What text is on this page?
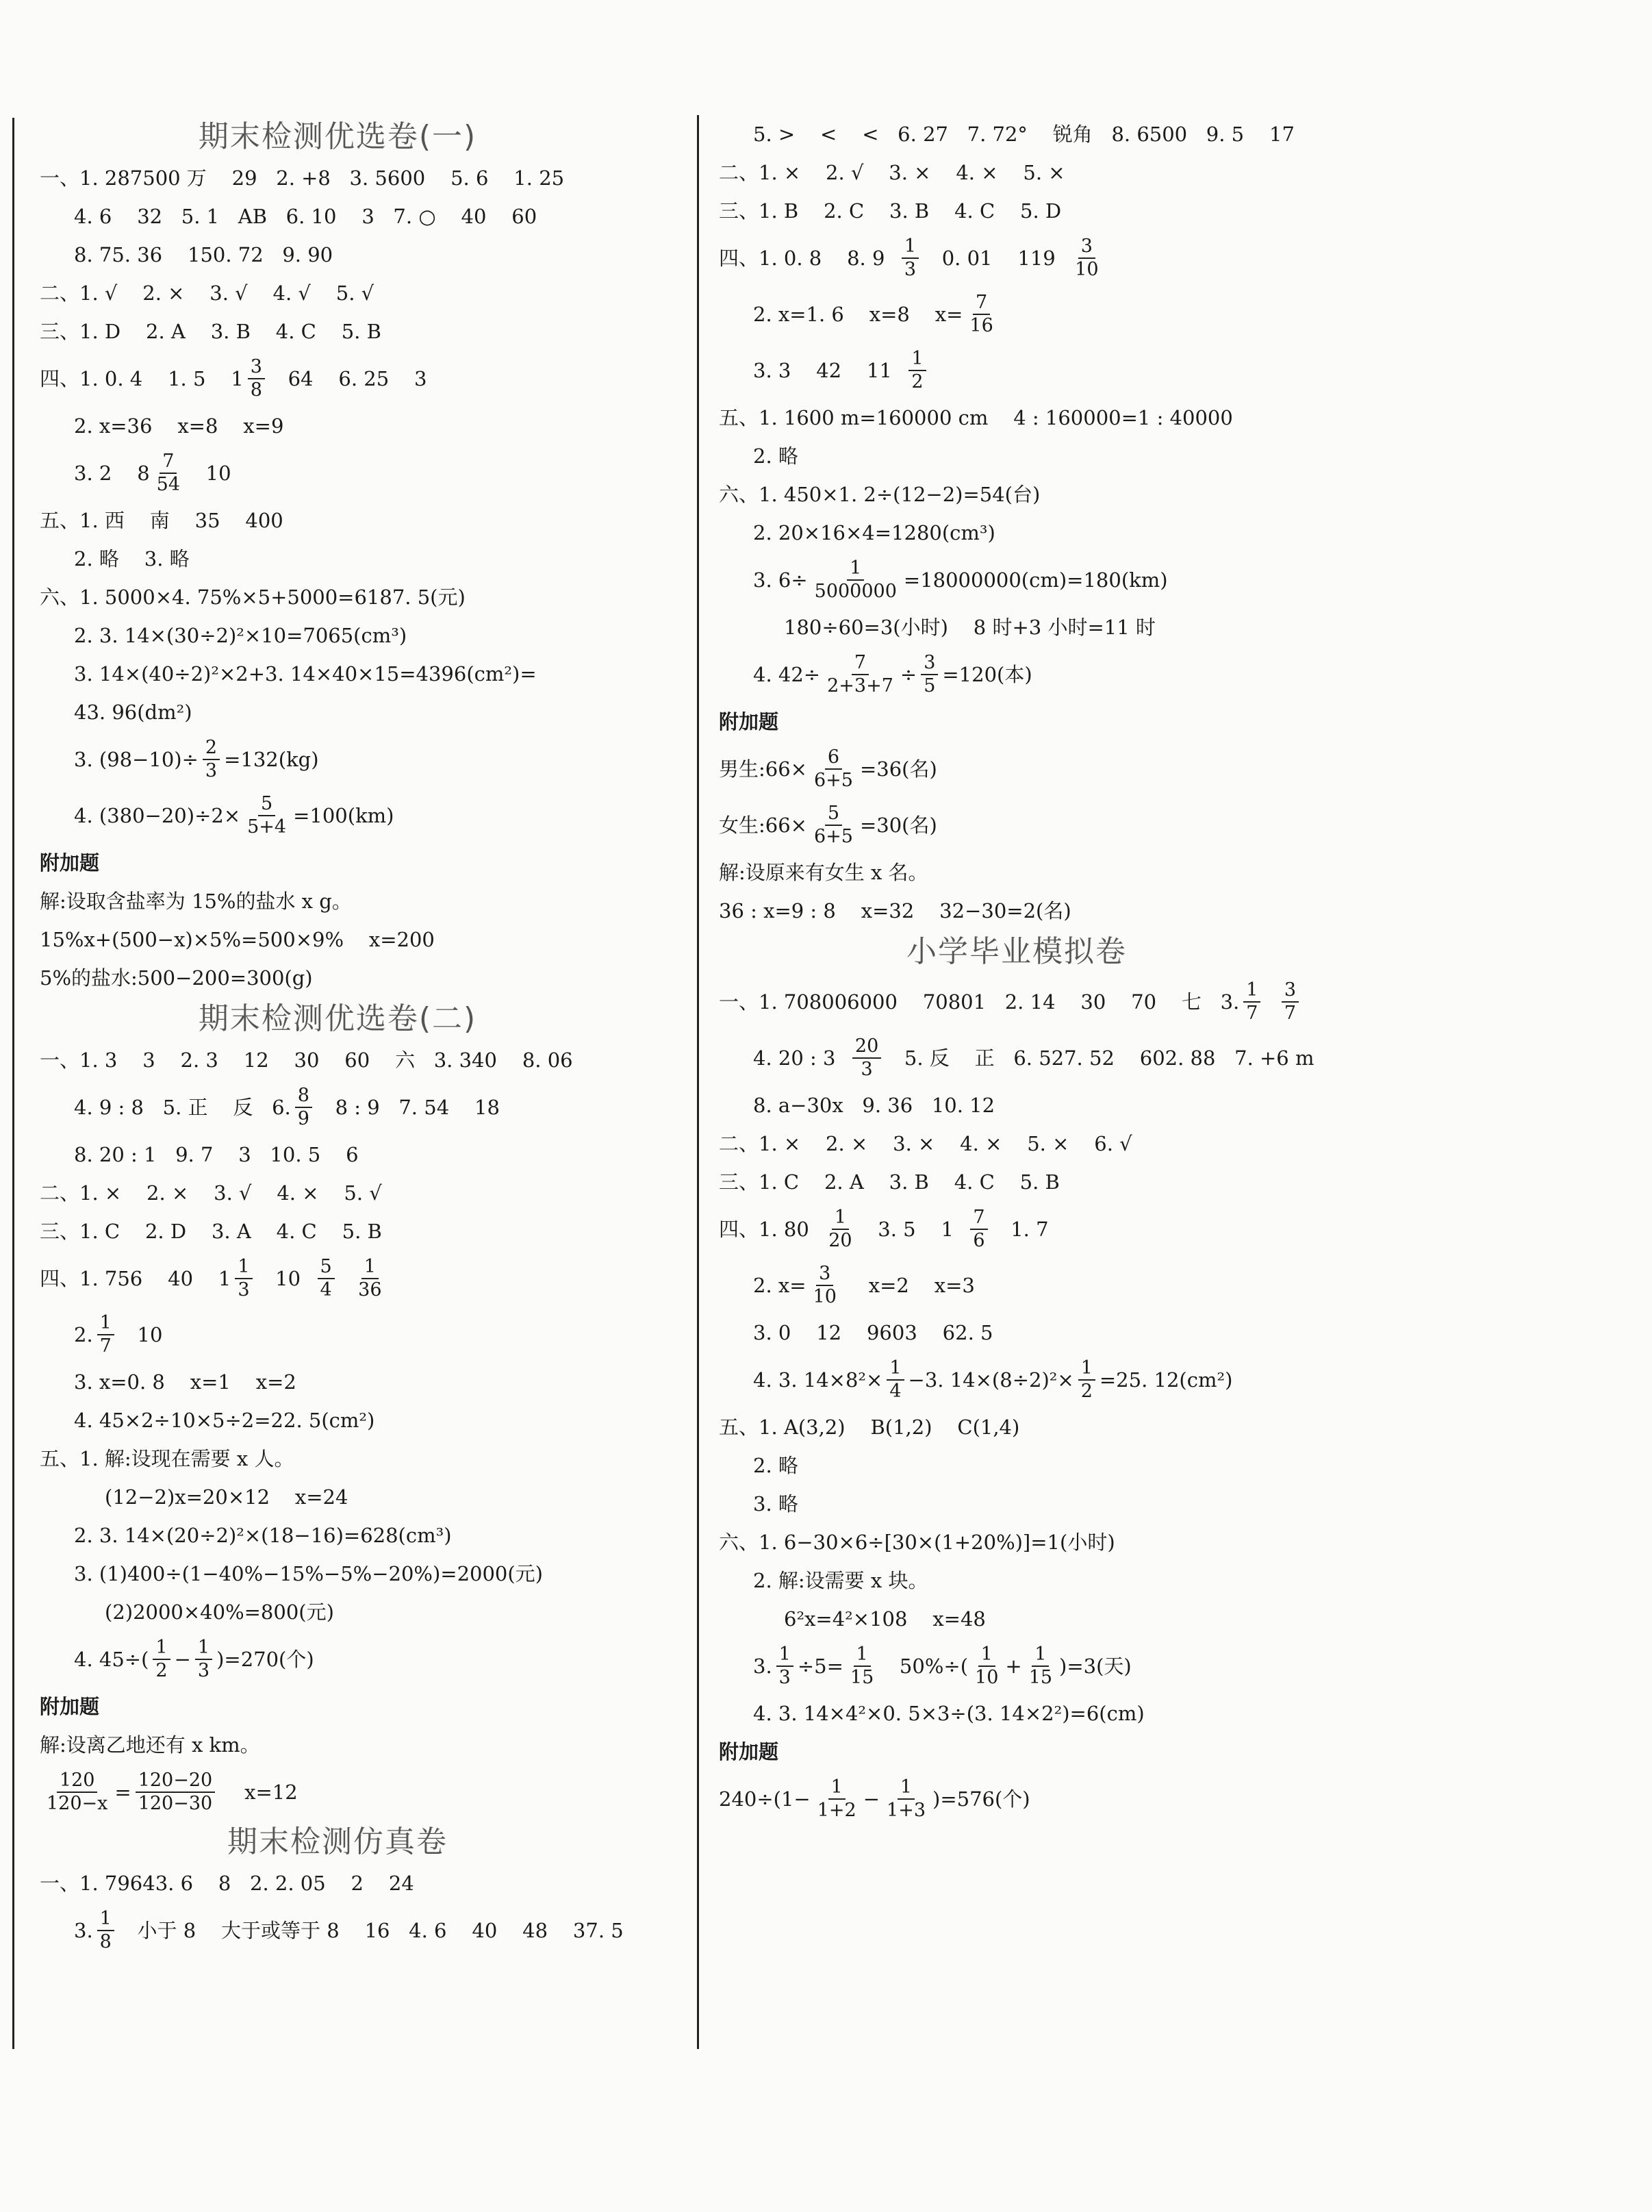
期末检测优选卷(一)
一、1. 287500 万    29   2. +8   3. 5600    5. 6    1. 25
4. 6    32   5. 1   AB   6. 10    3   7. ○    40    60
8. 75. 36    150. 72   9. 90
二、1. √    2. ×    3. √    4. √    5. √
三、1. D    2. A    3. B    4. C    5. B
四、1. 0. 4    1. 5    $1 \frac{3}{8} 64$    6. 25    3
2. x=36    x=8    x=9
3. 2    $8 \frac{7}{54} 10$
五、1. 西    南    35    400
2. 略    3. 略
六、1. 5000×4. 75%×5+5000=6187. 5(元)
2. 3. 14×(30÷2)²×10=7065(cm³)
3. 14×(40÷2)²×2+3. 14×40×15=4396(cm²)=
43. 96(dm²)
3. $(98-10)\div \frac{2}{3} =132(kg)$
4. $(380-20)\div 2\times \frac{5}{5+4} =100(km)$
附加题
解:设取含盐率为 15%的盐水 x g。
15%x+(500−x)×5%=500×9%    x=200
5%的盐水:500−200=300(g)
期末检测优选卷(二)
一、1. 3    3    2. 3    12    30    60    六   3. 340    8. 06
4. 9 : 8   5. 正    反   6. $\frac{8}{9} 8$ : 9   7. 54    18
8. 20 : 1   9. 7    3   10. 5    6
二、1. ×    2. ×    3. √    4. ×    5. √
三、1. C    2. D    3. A    4. C    5. B
四、1. 756    40    $1 \frac{1}{3} 10 \frac{5}{4}$
$\frac{1}{36}$
2. $\frac{1}{7} 10$
3. x=0. 8    x=1    x=2
4. 45×2÷10×5÷2=22. 5(cm²)
五、1. 解:设现在需要 x 人。
(12−2)x=20×12    x=24
2. 3. 14×(20÷2)²×(18−16)=628(cm³)
3. (1)400÷(1−40%−15%−5%−20%)=2000(元)
(2)2000×40%=800(元)
4. $45\div( \frac{1}{2} - \frac{1}{3} )=270$(个)
附加题
解:设离乙地还有 x km。
$\frac{120}{120-x} = \frac{120-20}{120-30} x=12$
期末检测仿真卷
一、1. 79643. 6    8   2. 2. 05    2    24
3. $\frac{1}{8}$ 小于 8    大于或等于 8    16   4. 6    40    48    37. 5
5. >    <    <   6. 27   7. 72°    锐角   8. 6500   9. 5    17
二、1. ×    2. √    3. ×    4. ×    5. ×
三、1. B    2. C    3. B    4. C    5. D
四、1. 0. 8    8. $9 \frac{1}{3} 0$. 01    $119 \frac{3}{10}$
2. x=1. 6    x=8    $x= \frac{7}{16}$
3. 3    42    $11 \frac{1}{2}$
五、1. 1600 m=160000 cm    4 : 160000=1 : 40000
2. 略
六、1. 450×1. 2÷(12−2)=54(台)
2. 20×16×4=1280(cm³)
3. $6\div \frac{1}{5000000} =18000000(cm)=180(km)$
180÷60=3(小时)    8 时+3 小时=11 时
4. $42\div \frac{7}{2+3+7} \div \frac{3}{5} =120$(本)
附加题
男生:66× $\frac{6}{6+5} =36$(名)
女生:66× $\frac{5}{6+5} =30$(名)
解:设原来有女生 x 名。
36 : x=9 : 8    x=32    32−30=2(名)
小学毕业模拟卷
一、1. 708006000    70801   2. 14    30    70    七   3. $\frac{1}{7}$
$\frac{3}{7}$
4. 20 : $3 \frac{20}{3} 5$. 反    正   6. 527. 52    602. 88   7. +6 m
8. a−30x   9. 36   10. 12
二、1. ×    2. ×    3. ×    4. ×    5. ×    6. √
三、1. C    2. A    3. B    4. C    5. B
四、1. $80 \frac{1}{20} 3$. 5    $1 \frac{7}{6} 1$. 7
2. $x= \frac{3}{10} x=2$    x=3
3. 0    12    9603    62. 5
4. 3. $14\times 8^2\times \frac{1}{4} -3$. $14\times(8\div 2)^2\times \frac{1}{2} =25$. 12(cm²)
五、1. A(3,2)    B(1,2)    C(1,4)
2. 略
3. 略
六、1. 6−30×6÷[30×(1+20%)]=1(小时)
2. 解:设需要 x 块。
6²x=4²×108    x=48
3. $\frac{1}{3} \div 5= \frac{1}{15} 50\%\div( \frac{1}{10} + \frac{1}{15} )=3$(天)
4. 3. 14×4²×0. 5×3÷(3. 14×2²)=6(cm)
附加题
$240\div(1- \frac{1}{1+2} - \frac{1}{1+3} )=576$(个)
